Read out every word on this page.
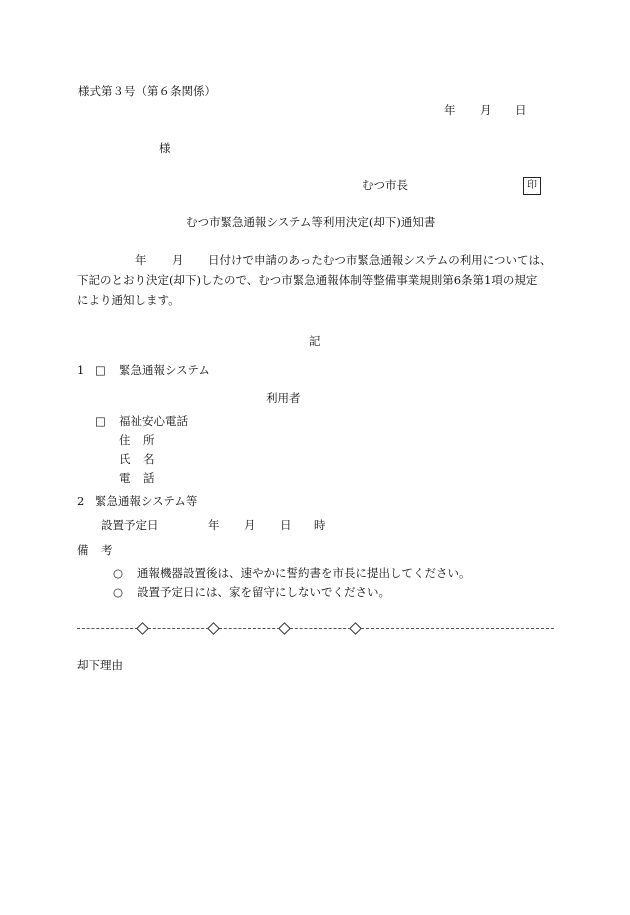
様式第３号（第６条関係）
年 月 日
様
むつ市長	印
むつ市緊急通報システム等利用決定(却下)通知書
年 月 日付けで申請のあったむつ市緊急通報システムの利用については、
下記のとおり決定(却下)したので、むつ市緊急通報体制等整備事業規則第6条第1項の規定
により通知します。
記
1 □ 緊急通報システム
利用者
□ 福祉安心電話
住 所
氏 名
電 話
2 緊急通報システム等
設置予定日	年 月 日 時
備 考
○ 通報機器設置後は、速やかに誓約書を市長に提出してください。
○ 設置予定日には、家を留守にしないでください。
却下理由
